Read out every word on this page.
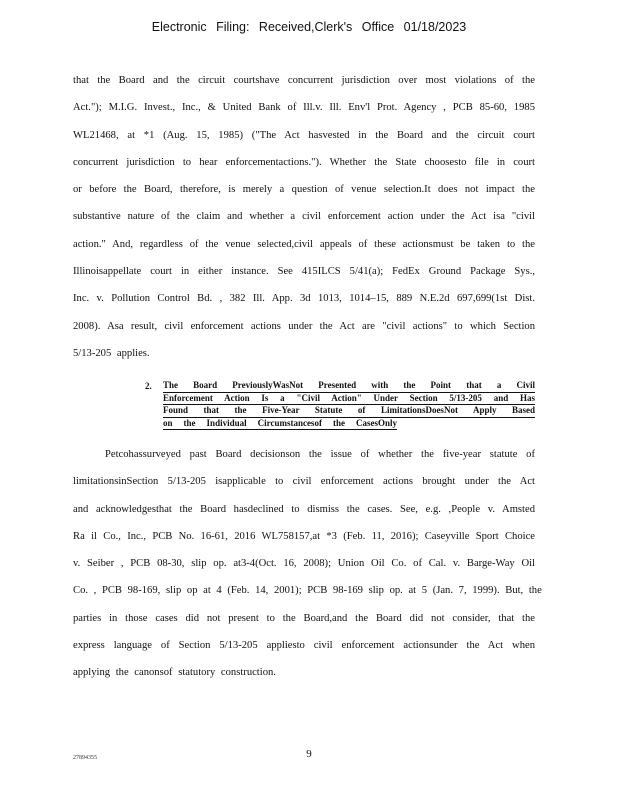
Electronic Filing: Received,Clerk's Office 01/18/2023
that the Board and the circuit courtshave concurrent jurisdiction over most violations of the
Act."); M.I.G. Invest., Inc., & United Bank of Ill.v. Ill. Env'l Prot. Agency , PCB 85-60, 1985
WL21468, at *1 (Aug. 15, 1985) ("The Act hasvested in the Board and the circuit court
concurrent jurisdiction to hear enforcementactions."). Whether the State choosesto file in court
or before the Board, therefore, is merely a question of venue selection.It does not impact the
substantive nature of the claim and whether a civil enforcement action under the Act isa "civil
action." And, regardless of the venue selected,civil appeals of these actionsmust be taken to the
Illinoisappellate court in either instance. See 415ILCS 5/41(a); FedEx Ground Package Sys.,
Inc. v. Pollution Control Bd. , 382 Ill. App. 3d 1013, 1014–15, 889 N.E.2d 697,699(1st Dist.
2008). Asa result, civil enforcement actions under the Act are "civil actions" to which Section
5/13-205 applies.
2. The Board PreviouslyWasNot Presented with the Point that a Civil
Enforcement Action Is a "Civil Action" Under Section 5/13-205 and Has
Found that the Five-Year Statute of LimitationsDoesNot Apply Based
on the Individual Circumstancesof the CasesOnly
Petcohassurveyed past Board decisionson the issue of whether the five-year statute of
limitationsinSection 5/13-205 isapplicable to civil enforcement actions brought under the Act
and acknowledgesthat the Board hasdeclined to dismiss the cases. See, e.g. ,People v. Amsted
Ra il Co., Inc., PCB No. 16-61, 2016 WL758157,at *3 (Feb. 11, 2016); Caseyville Sport Choice
v. Seiber , PCB 08-30, slip op. at3-4(Oct. 16, 2008); Union Oil Co. of Cal. v. Barge-Way Oil
Co. , PCB 98-169, slip op at 4 (Feb. 14, 2001); PCB 98-169 slip op. at 5 (Jan. 7, 1999). But, the
parties in those cases did not present to the Board,and the Board did not consider, that the
express language of Section 5/13-205 appliesto civil enforcement actionsunder the Act when
applying the canonsof statutory construction.
27894355	9
